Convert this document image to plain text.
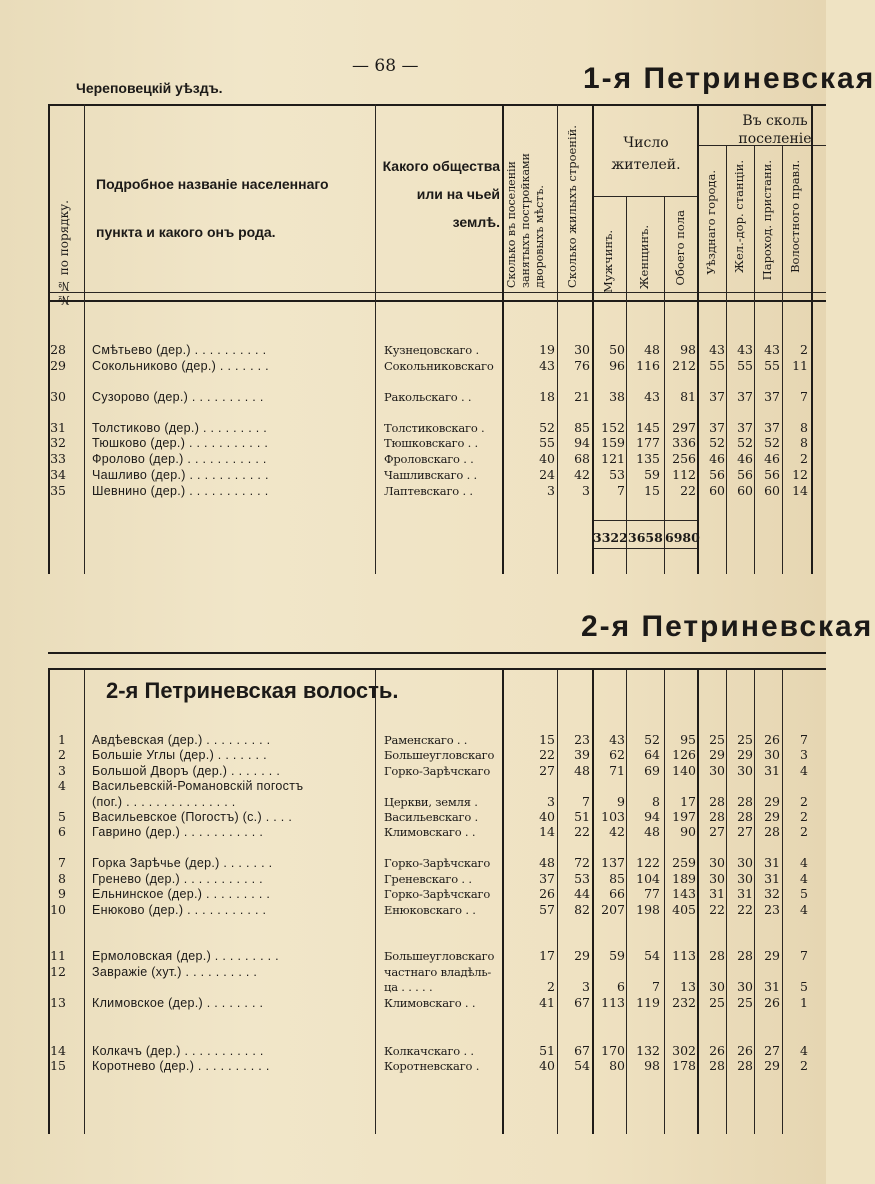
— 68 —
Череповецкій уѣздъ.	1-я Петриневская
№№ по порядку.
Подробное названіе населеннаго пункта и какого онъ рода.
Какого общества или на чьей землѣ. Сколько въ поселеніи занятыхъ постройками дворовыхъ мѣстъ. Сколько жилыхъ строеній.	Число жителей.
Мужчинъ. Женщинъ. Обоего пола
Въ сколь поселеніе
Уѣзднаго города. Жел.-дор. станціи. Пароход. пристани. Волостного правл.
28 Смѣтьево (дер.) . . . . . . . . . .	Кузнецовскаго .	19	30	50	48	98	43 43 43	2
29 Сокольниково (дер.) . . . . . . .	Сокольниковскаго	43	76	96 116 212	55 55 55 11
30 Сузорово (дер.) . . . . . . . . . .	Ракольскаго . .	18	21	38	43	81	37 37 37	7
31 Толстиково (дер.) . . . . . . . . .	Толстиковскаго .	52	85 152 145 297	37 37 37	8
32 Тюшково (дер.) . . . . . . . . . . .	Тюшковскаго . .	55	94 159 177 336	52 52 52	8
33 Фролово (дер.) . . . . . . . . . . .	Фроловскаго . .	40	68 121 135 256	46 46 46	2
34 Чашливо (дер.) . . . . . . . . . . .	Чашливскаго . .	24	42	53	59 112	56 56 56 12
35 Шевнино (дер.) . . . . . . . . . . .	Лаптевскаго . .	3	3	7	15	22	60 60 60 14
3322 3658 6980
2-я Петриневская
2-я Петриневская волость.
1 Авдѣевская (дер.) . . . . . . . . .	Раменскаго . .	15	23	43	52	95	25 25 26	7
2 Большіе Углы (дер.) . . . . . . .	Большеугловскаго	22	39	62	64 126	29 29 30	3
3 Большой Дворъ (дер.) . . . . . . .	Горко-Зарѣчскаго	27	48	71	69 140	30 30 31	4
4 Васильевскій-Романовскій погостъ
(пог.) . . . . . . . . . . . . . . .	Церкви, земля .	3	7	9	8	17	28 28 29	2
5 Васильевское (Погостъ) (с.) . . . .	Васильевскаго .	40	51 103	94 197	28 28 29	2
6 Гаврино (дер.) . . . . . . . . . . .	Климовскаго . .	14	22	42	48	90	27 27 28	2
7 Горка Зарѣчье (дер.) . . . . . . .	Горко-Зарѣчскаго	48	72 137 122 259	30 30 31	4
8 Гренево (дер.) . . . . . . . . . . .	Греневскаго . .	37	53	85 104 189	30 30 31	4
9 Ельнинское (дер.) . . . . . . . . .	Горко-Зарѣчскаго	26	44	66	77 143	31 31 32	5
10 Енюково (дер.) . . . . . . . . . . .	Енюковскаго . .	57	82 207 198 405	22 22 23	4
11 Ермоловская (дер.) . . . . . . . . .	Большеугловскаго	17	29	59	54 113	28 28 29	7
12 Завражіе (хут.) . . . . . . . . . .	частнаго владѣль-
ца . . . . .	2	3	6	7	13	30 30 31	5
13 Климовское (дер.) . . . . . . . .	Климовскаго . .	41	67 113 119 232	25 25 26	1
14 Колкачъ (дер.) . . . . . . . . . . .	Колкачскаго . .	51	67 170 132 302	26 26 27	4
15 Коротнево (дер.) . . . . . . . . . .	Коротневскаго .	40	54	80	98 178	28 28 29	2
